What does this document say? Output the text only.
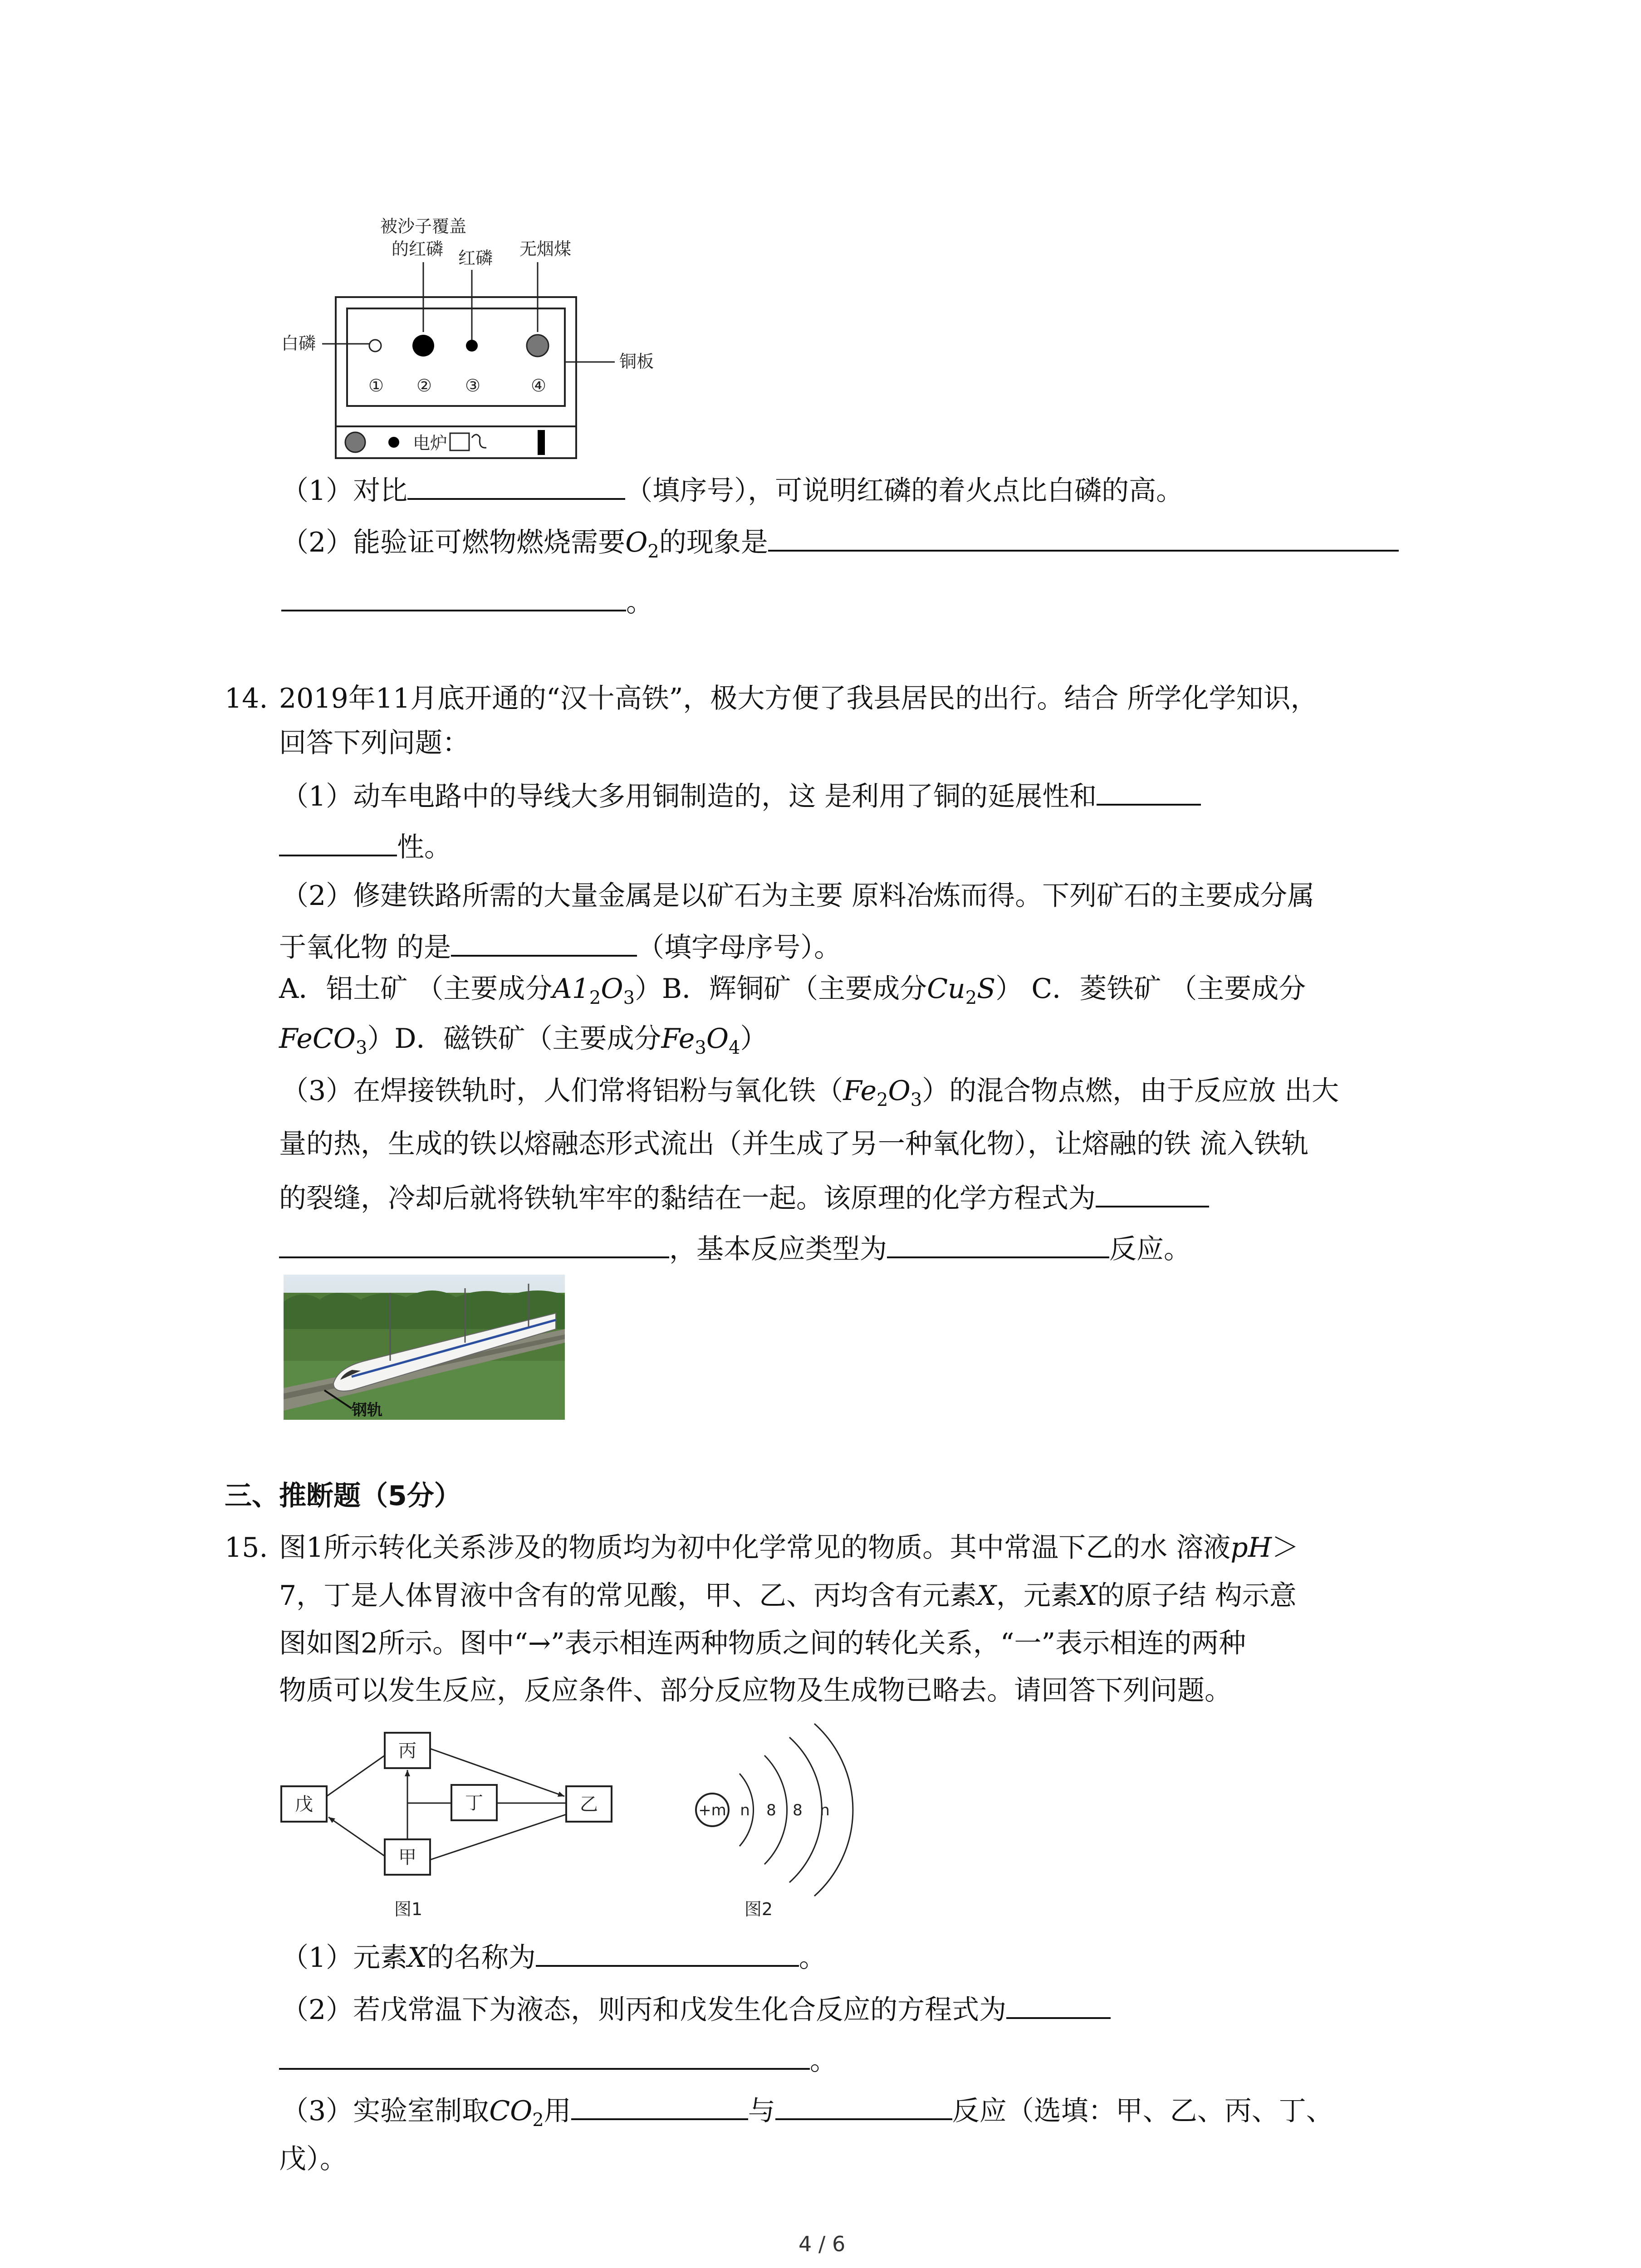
被沙子覆盖
的红磷 红磷 无烟煤
白磷
铜板
① ② ③	④
电炉
（1）对比	（填序号），可说明红磷的着火点比白磷的高。
（2）能验证可燃物燃烧需要$O_2$的现象是
。
14. 2019年11月底开通的“汉十高铁”，极大方便了我县居民的出行。结合 所学化学知识，
回答下列问题：
（1）动车电路中的导线大多用铜制造的，这 是利用了铜的延展性和
性。
（2）修建铁路所需的大量金属是以矿石为主要 原料冶炼而得。下列矿石的主要成分属
于氧化物 的是	（填字母序号）。
A．铝土矿 （主要成分$A1_2O_3)B$．辉铜矿（主要成分$Cu_2S$） C．菱铁矿 （主要成分
FeCO$_3$）D．磁铁矿（主要成分$Fe_3O_4$）
（3）在焊接铁轨时，人们常将铝粉与氧化铁$(Fe_2O_3)$的混合物点燃，由于反应放 出大
量的热，生成的铁以熔融态形式流出（并生成了另一种氧化物），让熔融的铁 流入铁轨
的裂缝，冷却后就将铁轨牢牢的黏结在一起。该原理的化学方程式为
，基本反应类型为	反应。
钢轨
三、推断题（5分）
15. 图1所示转化关系涉及的物质均为初中化学常见的物质。其中常温下乙的水 溶液pH＞
7，丁是人体胃液中含有的常见酸，甲、乙、丙均含有元素X，元素X的原子结 构示意
图如图2所示。图中“→”表示相连两种物质之间的转化关系，“一”表示相连的两种
物质可以发生反应，反应条件、部分反应物及生成物已略去。请回答下列问题。
丙
戊	丁	乙
甲
图1
+m n 8 8 n
图2
（1）元素X的名称为	。
（2）若戊常温下为液态，则丙和戊发生化合反应的方程式为
。
（3）实验室制取$CO_2$用	与	反应（选填：甲、乙、丙、丁、
戊）。
4 / 6
